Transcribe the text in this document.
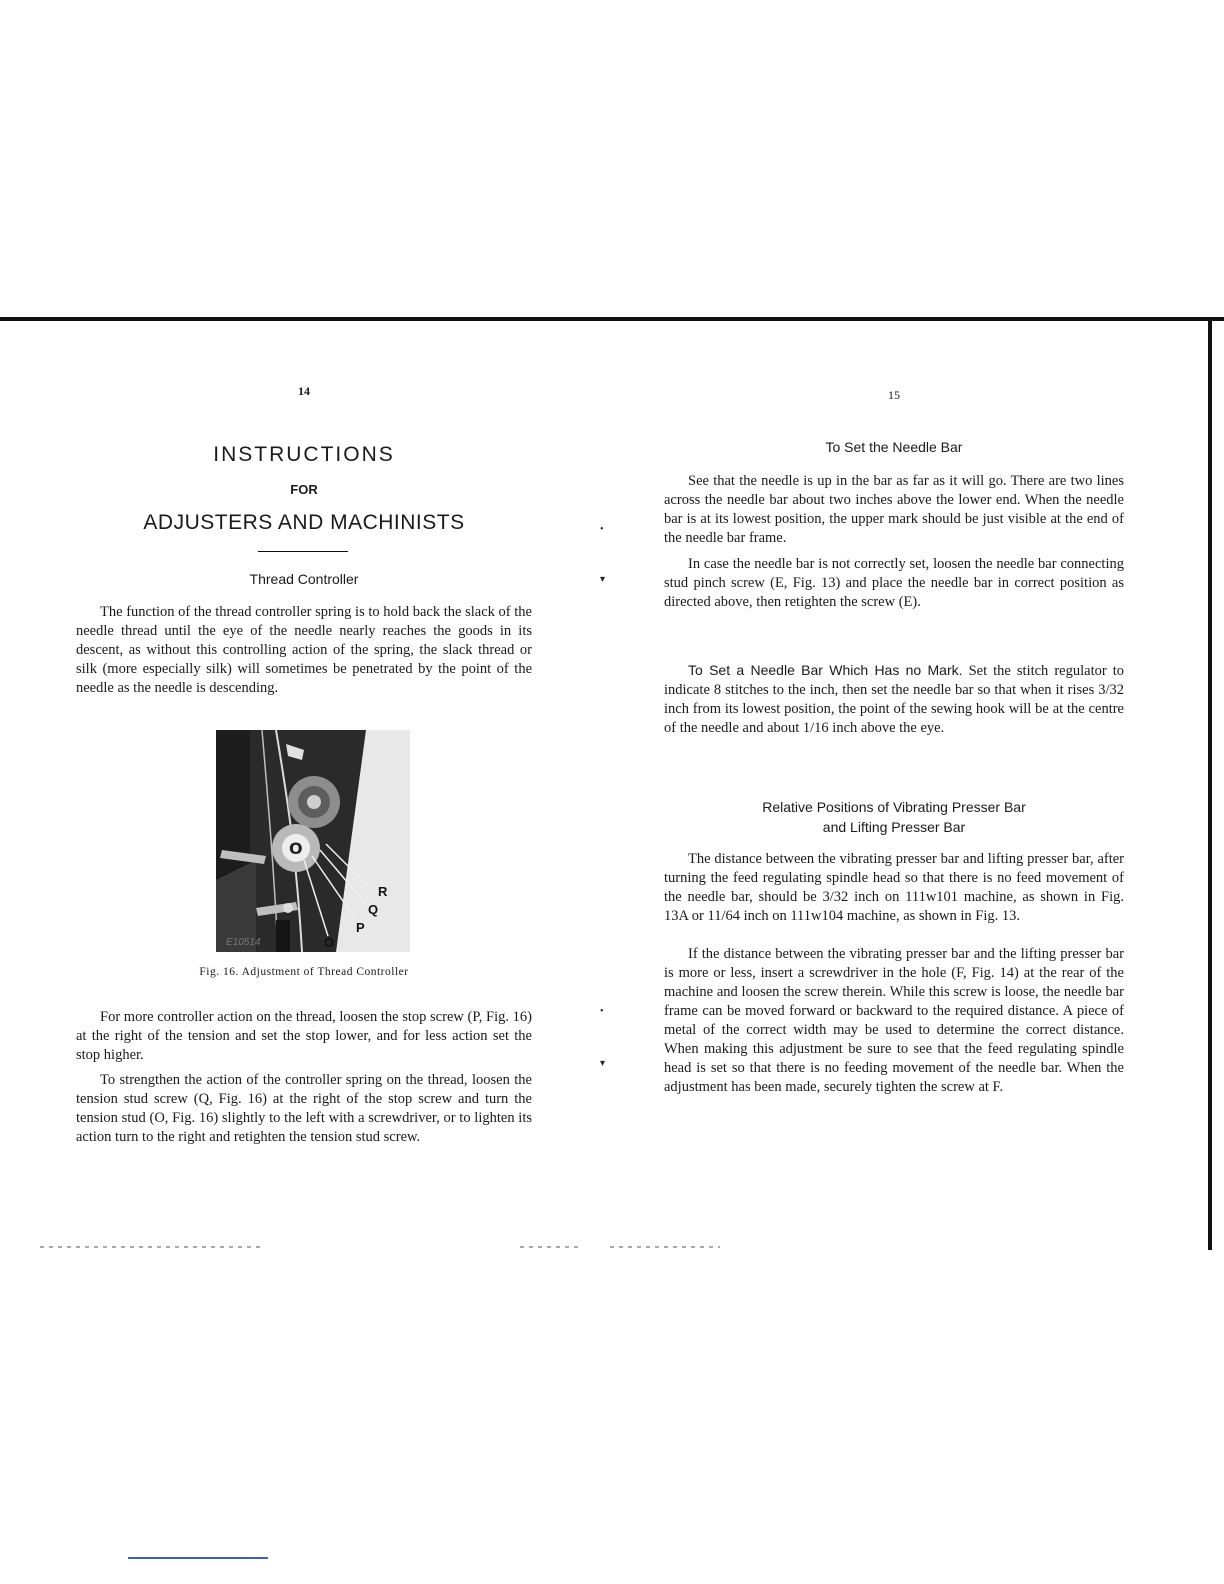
•
▾
•
▾
14
INSTRUCTIONS
FOR
ADJUSTERS AND MACHINISTS
Thread Controller

The function of the thread controller spring is to hold back the slack of the needle thread until the eye of the needle nearly reaches the goods in its descent, as without this controlling action of the spring, the slack thread or silk (more especially silk) will sometimes be penetrated by the point of the needle as the needle is descending.

O
R
Q
P
O
E10514
Fig. 16. Adjustment of Thread Controller

For more controller action on the thread, loosen the stop screw (P, Fig. 16) at the right of the tension and set the stop lower, and for less action set the stop higher.

To strengthen the action of the controller spring on the thread, loosen the tension stud screw (Q, Fig. 16) at the right of the stop screw and turn the tension stud (O, Fig. 16) slightly to the left with a screwdriver, or to lighten its action turn to the right and retighten the tension stud screw.

15
To Set the Needle Bar

See that the needle is up in the bar as far as it will go. There are two lines across the needle bar about two inches above the lower end. When the needle bar is at its lowest position, the upper mark should be just visible at the end of the needle bar frame.

In case the needle bar is not correctly set, loosen the needle bar connecting stud pinch screw (E, Fig. 13) and place the needle bar in correct position as directed above, then retighten the screw (E).

To Set a Needle Bar Which Has no Mark. Set the stitch regulator to indicate 8 stitches to the inch, then set the needle bar so that when it rises 3/32 inch from its lowest position, the point of the sewing hook will be at the centre of the needle and about 1/16 inch above the eye.

Relative Positions of Vibrating Presser Bar
and Lifting Presser Bar

The distance between the vibrating presser bar and lifting presser bar, after turning the feed regulating spindle head so that there is no feed movement of the needle bar, should be 3/32 inch on 111w101 machine, as shown in Fig. 13A or 11/64 inch on 111w104 machine, as shown in Fig. 13.

If the distance between the vibrating presser bar and the lifting presser bar is more or less, insert a screwdriver in the hole (F, Fig. 14) at the rear of the machine and loosen the screw therein. While this screw is loose, the needle bar frame can be moved forward or backward to the required distance. A piece of metal of the correct width may be used to determine the correct distance. When making this adjustment be sure to see that the feed regulating spindle head is set so that there is no feeding movement of the needle bar. When the adjustment has been made, securely tighten the screw at F.
